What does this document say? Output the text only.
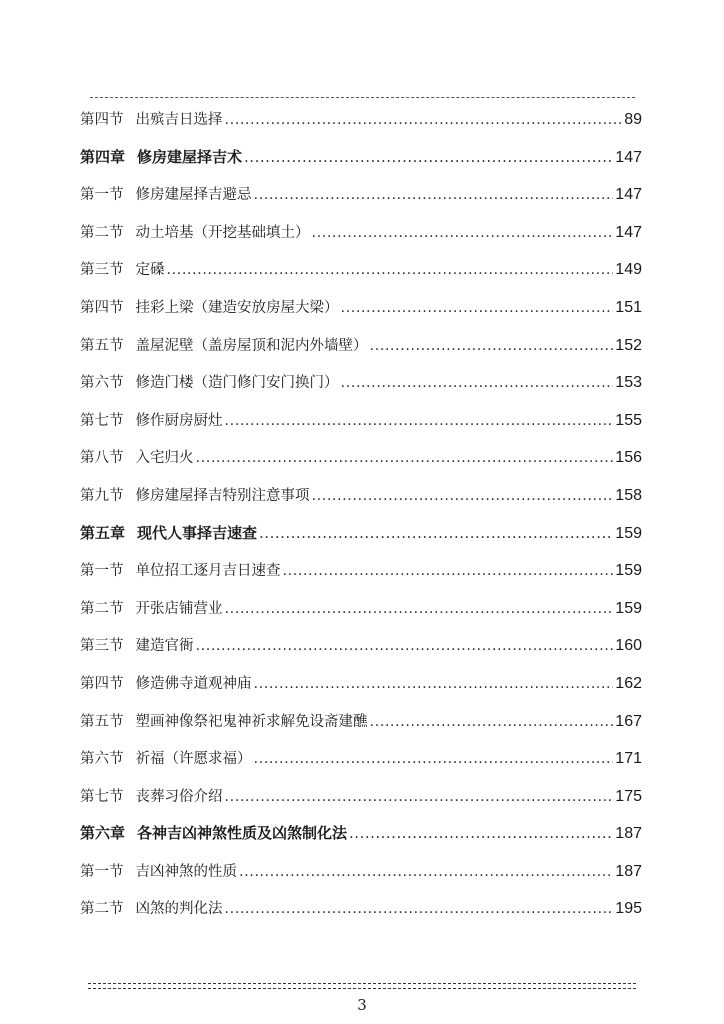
第四节 出殡吉日选择 .....	89
第四章 修房建屋择吉术 .....	147
第一节 修房建屋择吉避忌 .....	147
第二节 动土培基（开挖基础填土） .....	147
第三节 定磉 .....	149
第四节 挂彩上梁（建造安放房屋大梁） .....	151
第五节 盖屋泥壁（盖房屋顶和泥内外墙壁） .....	152
第六节 修造门楼（造门修门安门换门） .....	153
第七节 修作厨房厨灶 .....	155
第八节 入宅归火 .....	156
第九节 修房建屋择吉特别注意事项 .....	158
第五章 现代人事择吉速查 .....	159
第一节 单位招工逐月吉日速查 .....	159
第二节 开张店铺营业 .....	159
第三节 建造官衙 .....	160
第四节 修造佛寺道观神庙 .....	162
第五节 塑画神像祭祀鬼神祈求解免设斋建醮 .....	167
第六节 祈福（许愿求福） .....	171
第七节 丧葬习俗介绍 .....	175
第六章 各神吉凶神煞性质及凶煞制化法 .....	187
第一节 吉凶神煞的性质 .....	187
第二节 凶煞的判化法 .....	195
3
